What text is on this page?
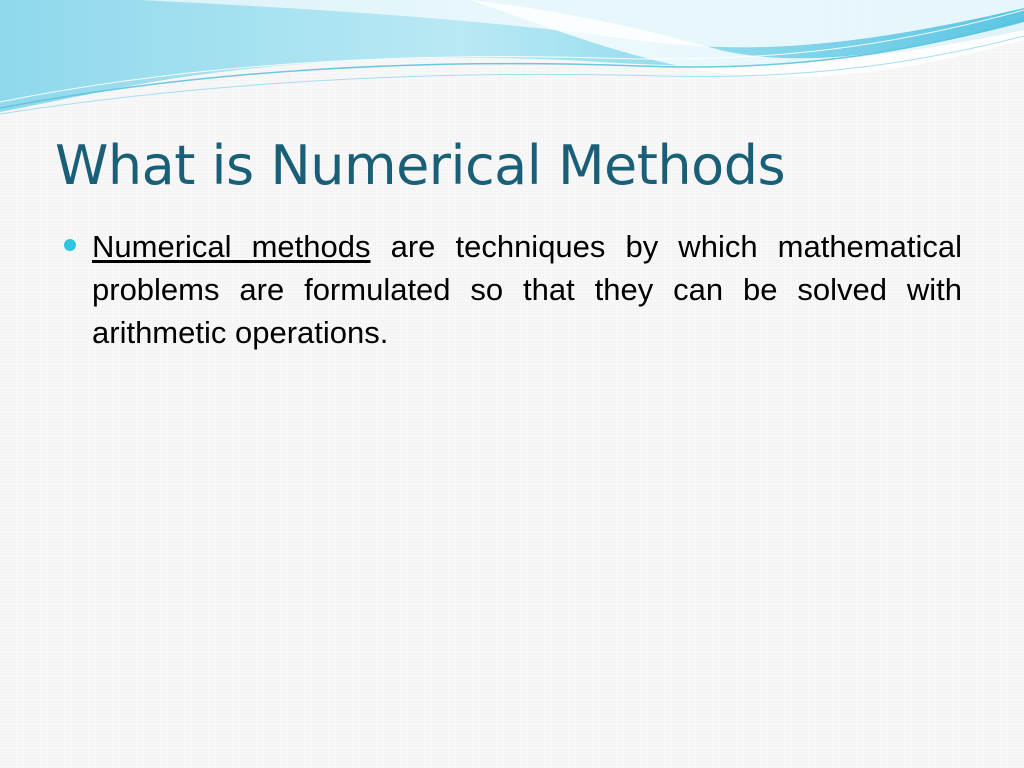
What is Numerical Methods
Numerical methods are techniques by which mathematical problems are formulated so that they can be solved with arithmetic operations.
